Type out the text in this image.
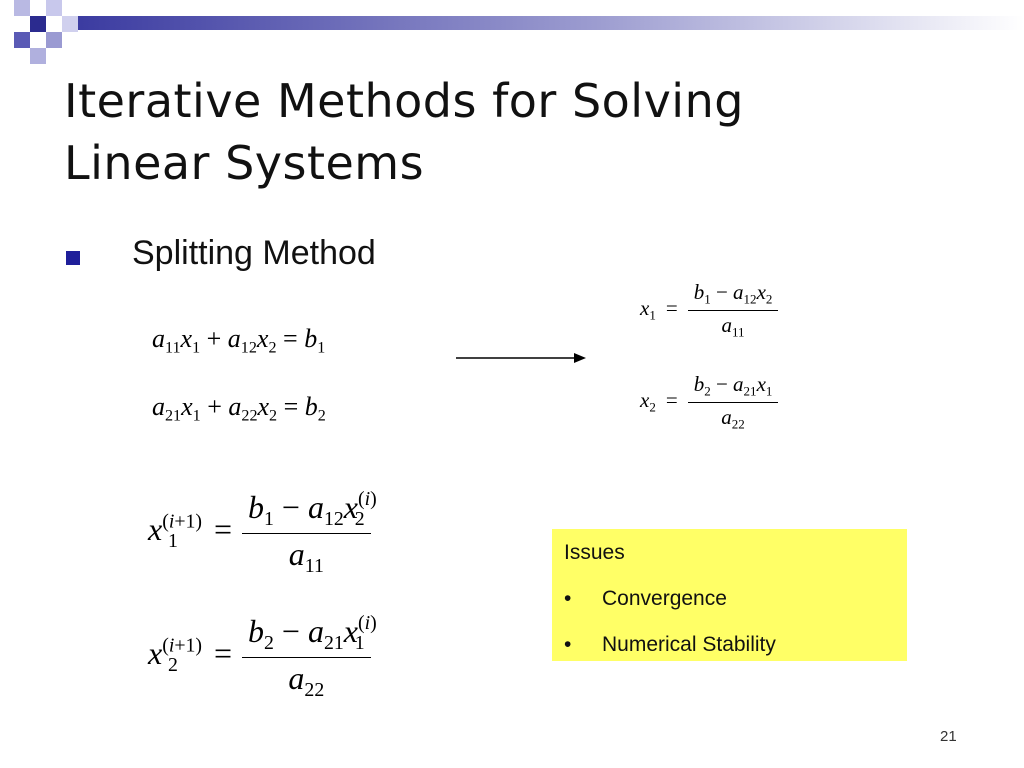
Iterative Methods for Solving
Linear Systems
Splitting Method
$a_{11}x_1 + a_{12}x_2 = b_1$
$a_{21}x_1 + a_{22}x_2 = b_2$
$x_1 = \frac{b_1 - a_{12}x_2}{a_{11}}$
$x_2 = \frac{b_2 - a_{21}x_1}{a_{22}}$
$x^{(i+1)}_1 = \frac{b_1 - a_{12}x^{(i)}_2}{a_{11}}$
$x^{(i+1)}_2 = \frac{b_2 - a_{21}x^{(i)}_1}{a_{22}}$
Issues
• Convergence
• Numerical Stability
21
